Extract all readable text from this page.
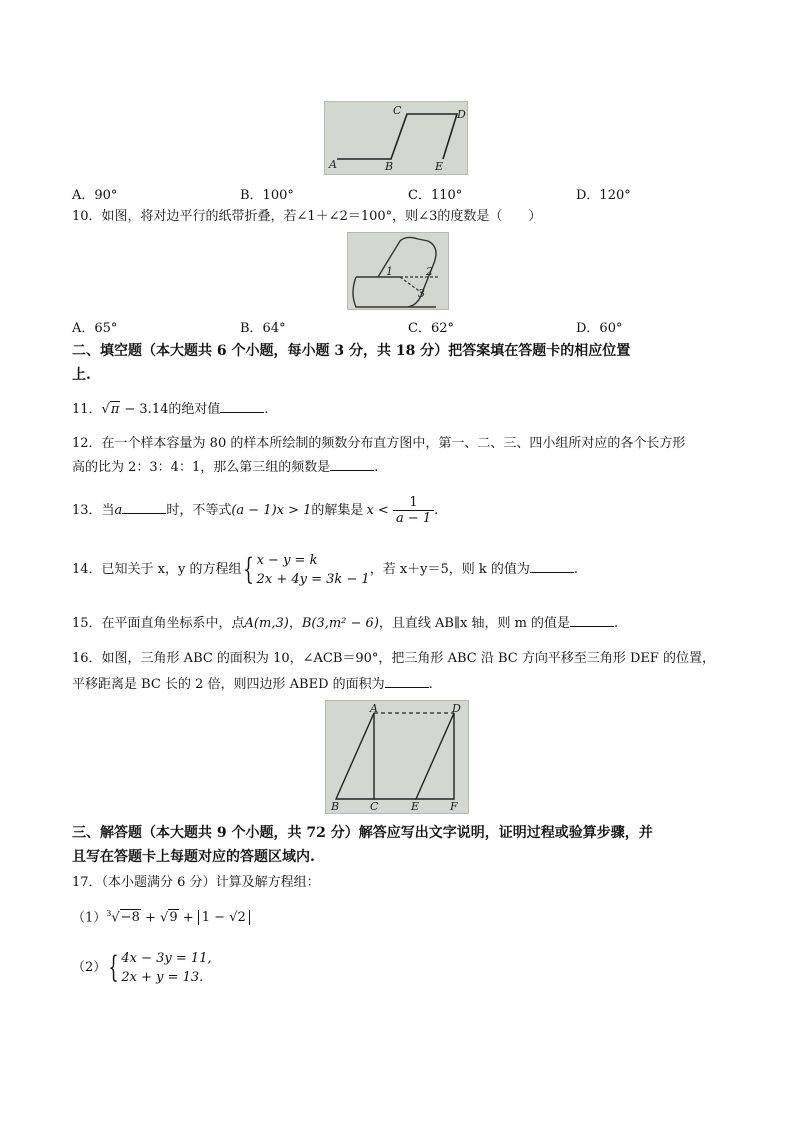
A	B
C	D
E
A．90°	B．100°	C．110°	D．120°
10．如图，将对边平行的纸带折叠，若∠1＋∠2＝100°，则∠3的度数是（　　）
1	2
3
A．65°	B．64°	C．62°	D．60°
二、填空题（本大题共 6 个小题，每小题 3 分，共 18 分）把答案填在答题卡的相应位置
上.
11．√π − 3.14的绝对值	.
12．在一个样本容量为 80 的样本所绘制的频数分布直方图中，第一、二、三、四小组所对应的各个长方形
高的比为 2：3：4：1，那么第三组的频数是	.
13．当a	时，不等式(a − 1)x > 1的解集是 $x < \frac{1}{a - 1}$ .
14．已知关于 x，y 的方程组{ x − y = k
2x + 4y = 3k − 1
，若 x＋y＝5，则 k 的值为	.
15．在平面直角坐标系中，点A(m,3)，B(3,m² − 6)，且直线 AB∥x 轴，则 m 的值是	.
16．如图，三角形 ABC 的面积为 10，∠ACB＝90°，把三角形 ABC 沿 BC 方向平移至三角形 DEF 的位置，
平移距离是 BC 长的 2 倍，则四边形 ABED 的面积为	.
A	D
B	C	E	F
三、解答题（本大题共 9 个小题，共 72 分）解答应写出文字说明，证明过程或验算步骤，并
且写在答题卡上每题对应的答题区域内.
17．（本小题满分 6 分）计算及解方程组：
$(1)^3√-8 + √9 + 1 - √2$
（2）{ 4x − 3y = 11,
2x + y = 13.
